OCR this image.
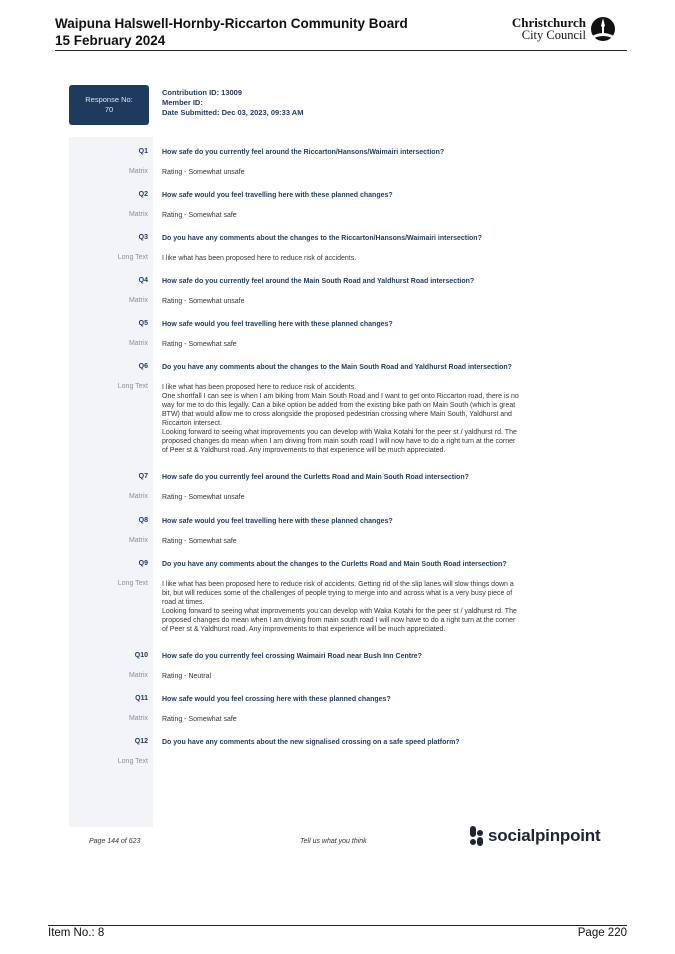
Waipuna Halswell-Hornby-Riccarton Community Board
15 February 2024
Christchurch
City Council
Response No:
70
Contribution ID: 13009
Member ID:
Date Submitted: Dec 03, 2023, 09:33 AM
Q1 How safe do you currently feel around the Riccarton/Hansons/Waimairi intersection?
Matrix Rating - Somewhat unsafe
Q2 How safe would you feel travelling here with these planned changes?
Matrix Rating - Somewhat safe
Q3 Do you have any comments about the changes to the Riccarton/Hansons/Waimairi intersection?
Long Text I like what has been proposed here to reduce risk of accidents.
Q4 How safe do you currently feel around the Main South Road and Yaldhurst Road intersection?
Matrix Rating - Somewhat unsafe
Q5 How safe would you feel travelling here with these planned changes?
Matrix Rating - Somewhat safe
Q6 Do you have any comments about the changes to the Main South Road and Yaldhurst Road intersection?
Long Text I like what has been proposed here to reduce risk of accidents.
One shortfall I can see is when I am biking from Main South Road and I want to get onto Riccarton road, there is no
way for me to do this legally. Can a bike option be added from the existing bike path on Main South (which is great
BTW) that would allow me to cross alongside the proposed pedestrian crossing where Main South, Yaldhurst and
Riccarton intersect.
Looking forward to seeing what improvements you can develop with Waka Kotahi for the peer st / yaldhurst rd. The
proposed changes do mean when I am driving from main south road I will now have to do a right turn at the corner
of Peer st & Yaldhurst road. Any improvements to that experience will be much appreciated.
Q7 How safe do you currently feel around the Curletts Road and Main South Road intersection?
Matrix Rating - Somewhat unsafe
Q8 How safe would you feel travelling here with these planned changes?
Matrix Rating - Somewhat safe
Q9 Do you have any comments about the changes to the Curletts Road and Main South Road intersection?
Long Text I like what has been proposed here to reduce risk of accidents. Getting rid of the slip lanes will slow things down a
bit, but will reduces some of the challenges of people trying to merge into and across what is a very busy piece of
road at times.
Looking forward to seeing what improvements you can develop with Waka Kotahi for the peer st / yaldhurst rd. The
proposed changes do mean when I am driving from main south road I will now have to do a right turn at the corner
of Peer st & Yaldhurst road. Any improvements to that experience will be much appreciated.
Q10 How safe do you currently feel crossing Waimairi Road near Bush Inn Centre?
Matrix Rating - Neutral
Q11 How safe would you feel crossing here with these planned changes?
Matrix Rating - Somewhat safe
Q12 Do you have any comments about the new signalised crossing on a safe speed platform?
Long Text
Page 144 of 623	Tell us what you think	socialpinpoint
Item No.: 8	Page 220
